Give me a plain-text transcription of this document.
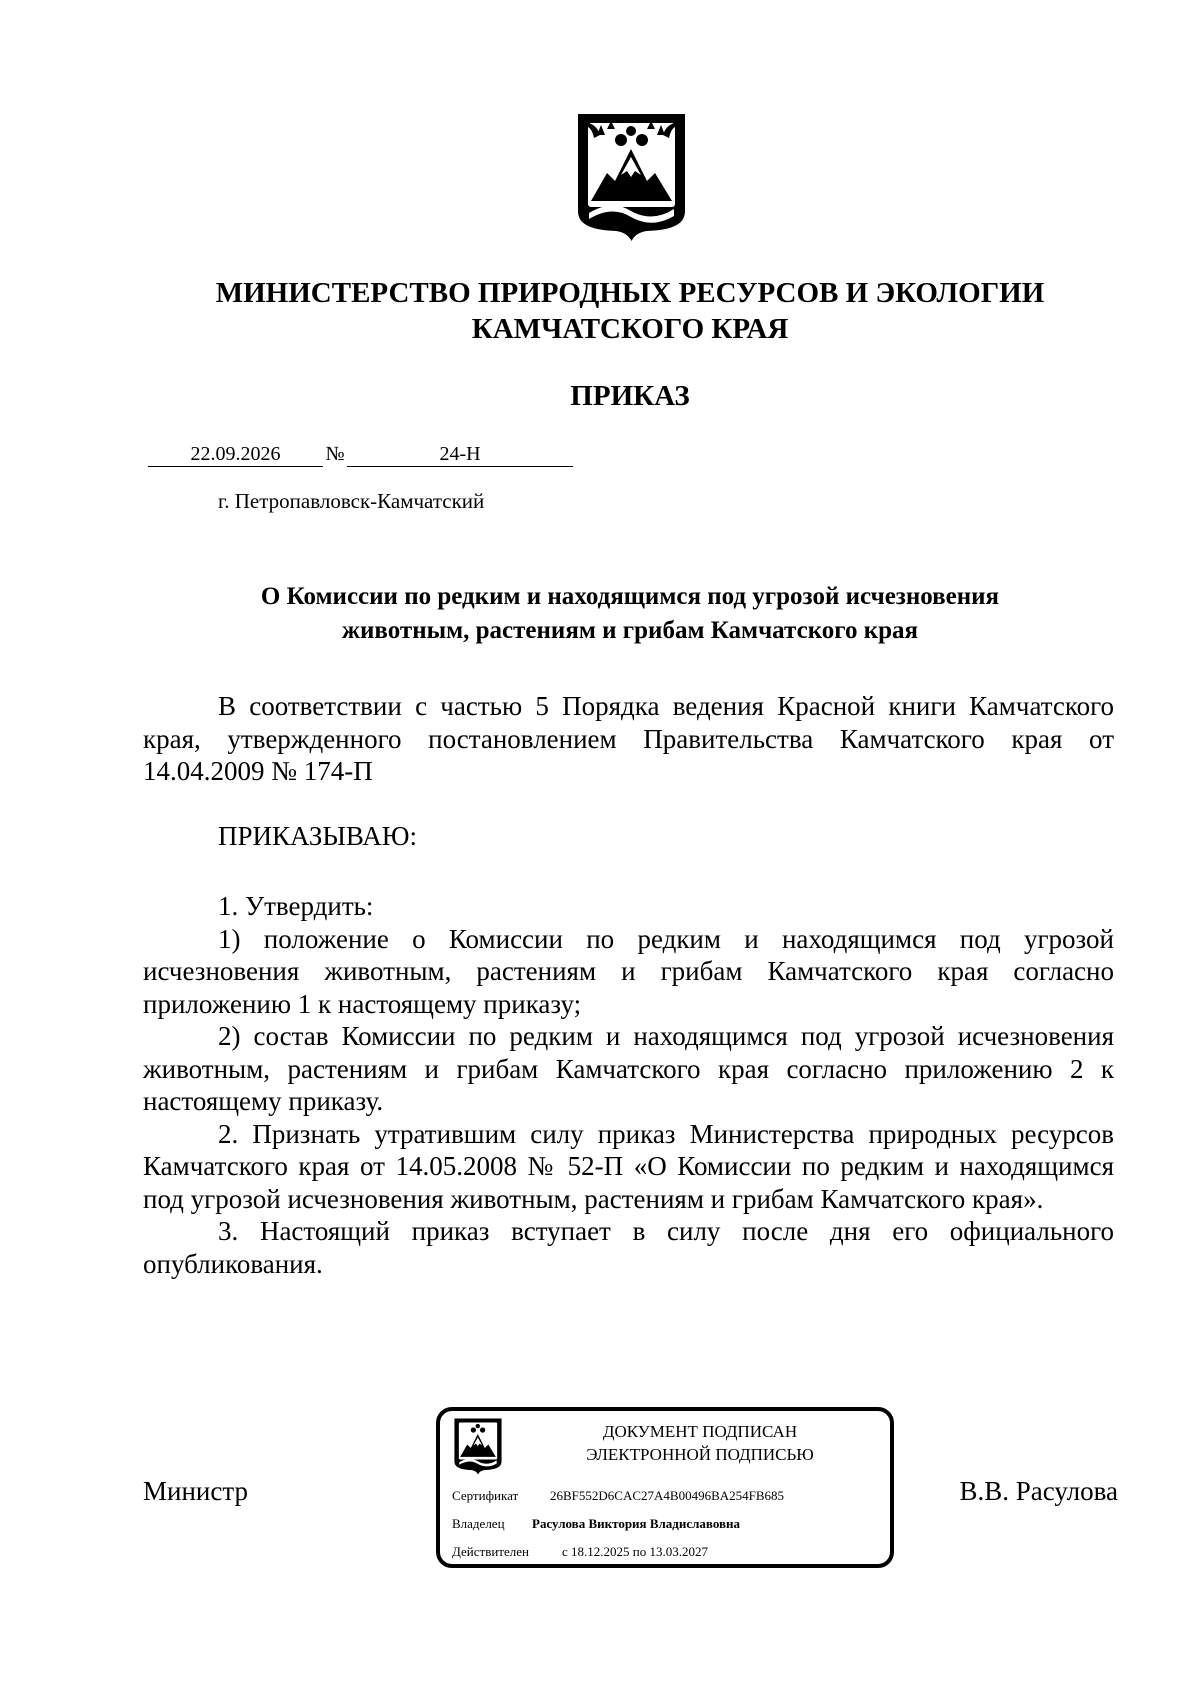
МИНИСТЕРСТВО ПРИРОДНЫХ РЕСУРСОВ И ЭКОЛОГИИ
КАМЧАТСКОГО КРАЯ
ПРИКАЗ
22.09.2026	№	24-Н
г. Петропавловск-Камчатский
О Комиссии по редким и находящимся под угрозой исчезновения
животным, растениям и грибам Камчатского края

В соответствии с частью 5 Порядка ведения Красной книги Камчатского края, утвержденного постановлением Правительства Камчатского края от 14.04.2009 № 174-П

ПРИКАЗЫВАЮ:

1. Утвердить:

1) положение о Комиссии по редким и находящимся под угрозой исчезновения животным, растениям и грибам Камчатского края согласно приложению 1 к настоящему приказу;

2) состав Комиссии по редким и находящимся под угрозой исчезновения животным, растениям и грибам Камчатского края согласно приложению 2 к настоящему приказу.

2. Признать утратившим силу приказ Министерства природных ресурсов Камчатского края от 14.05.2008 № 52-П «О Комиссии по редким и находящимся под угрозой исчезновения животным, растениям и грибам Камчатского края».

3. Настоящий приказ вступает в силу после дня его официального опубликования.

Министр	В.В. Расулова
ДОКУМЕНТ ПОДПИСАН
ЭЛЕКТРОННОЙ ПОДПИСЬЮ
Сертификат 26BF552D6CAC27A4B00496BA254FB685
Владелец Расулова Виктория Владиславовна
Действителен	с 18.12.2025 по 13.03.2027
